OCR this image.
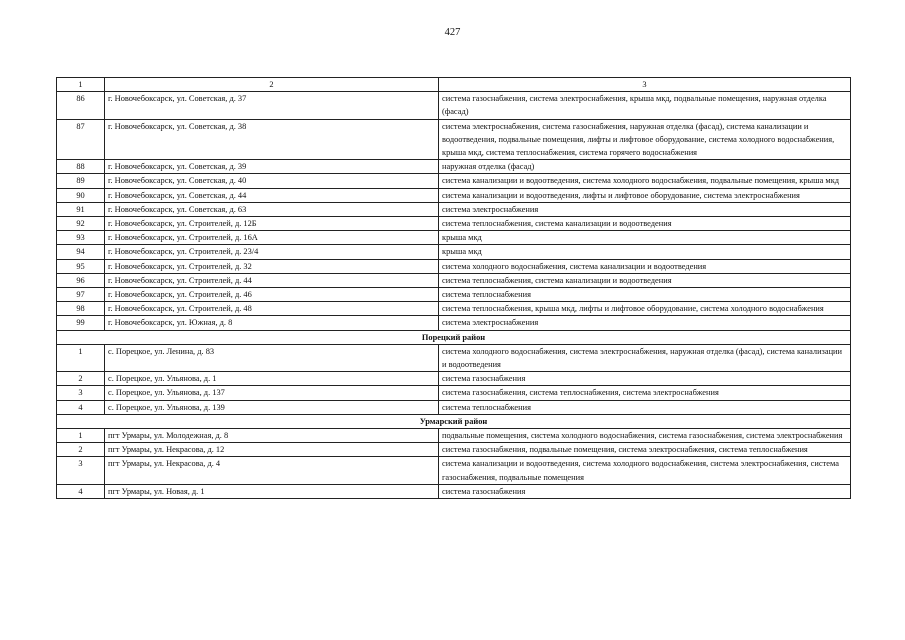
427
1	2	3
86	г. Новочебоксарск, ул. Советская, д. 37	система газоснабжения, система электроснабжения, крыша мкд, подвальные помещения, наружная отделка (фасад)
87	г. Новочебоксарск, ул. Советская, д. 38	система электроснабжения, система газоснабжения, наружная отделка (фасад), система канализации и водоотведения, подвальные помещения, лифты и лифтовое оборудование, система холодного водоснабжения, крыша мкд, система теплоснабжения, система горячего водоснабжения
88	г. Новочебоксарск, ул. Советская, д. 39	наружная отделка (фасад)
89	г. Новочебоксарск, ул. Советская, д. 40	система канализации и водоотведения, система холодного водоснабжения, подвальные помещения, крыша мкд
90	г. Новочебоксарск, ул. Советская, д. 44	система канализации и водоотведения, лифты и лифтовое оборудование, система электроснабжения
91	г. Новочебоксарск, ул. Советская, д. 63	система электроснабжения
92	г. Новочебоксарск, ул. Строителей, д. 12Б	система теплоснабжения, система канализации и водоотведения
93	г. Новочебоксарск, ул. Строителей, д. 16А	крыша мкд
94	г. Новочебоксарск, ул. Строителей, д. 23/4	крыша мкд
95	г. Новочебоксарск, ул. Строителей, д. 32	система холодного водоснабжения, система канализации и водоотведения
96	г. Новочебоксарск, ул. Строителей, д. 44	система теплоснабжения, система канализации и водоотведения
97	г. Новочебоксарск, ул. Строителей, д. 46	система теплоснабжения
98	г. Новочебоксарск, ул. Строителей, д. 48	система теплоснабжения, крыша мкд, лифты и лифтовое оборудование, система холодного водоснабжения
99	г. Новочебоксарск, ул. Южная, д. 8	система электроснабжения
Порецкий район		
1	с. Порецкое, ул. Ленина, д. 83	система холодного водоснабжения, система электроснабжения, наружная отделка (фасад), система канализации и водоотведения
2	с. Порецкое, ул. Ульянова, д. 1	система газоснабжения
3	с. Порецкое, ул. Ульянова, д. 137	система газоснабжения, система теплоснабжения, система электроснабжения
4	с. Порецкое, ул. Ульянова, д. 139	система теплоснабжения
Урмарский район		
1	пгт Урмары, ул. Молодежная, д. 8	подвальные помещения, система холодного водоснабжения, система газоснабжения, система электроснабжения
2	пгт Урмары, ул. Некрасова, д. 12	система газоснабжения, подвальные помещения, система электроснабжения, система теплоснабжения
3	пгт Урмары, ул. Некрасова, д. 4	система канализации и водоотведения, система холодного водоснабжения, система электроснабжения, система газоснабжения, подвальные помещения
4	пгт Урмары, ул. Новая, д. 1	система газоснабжения
